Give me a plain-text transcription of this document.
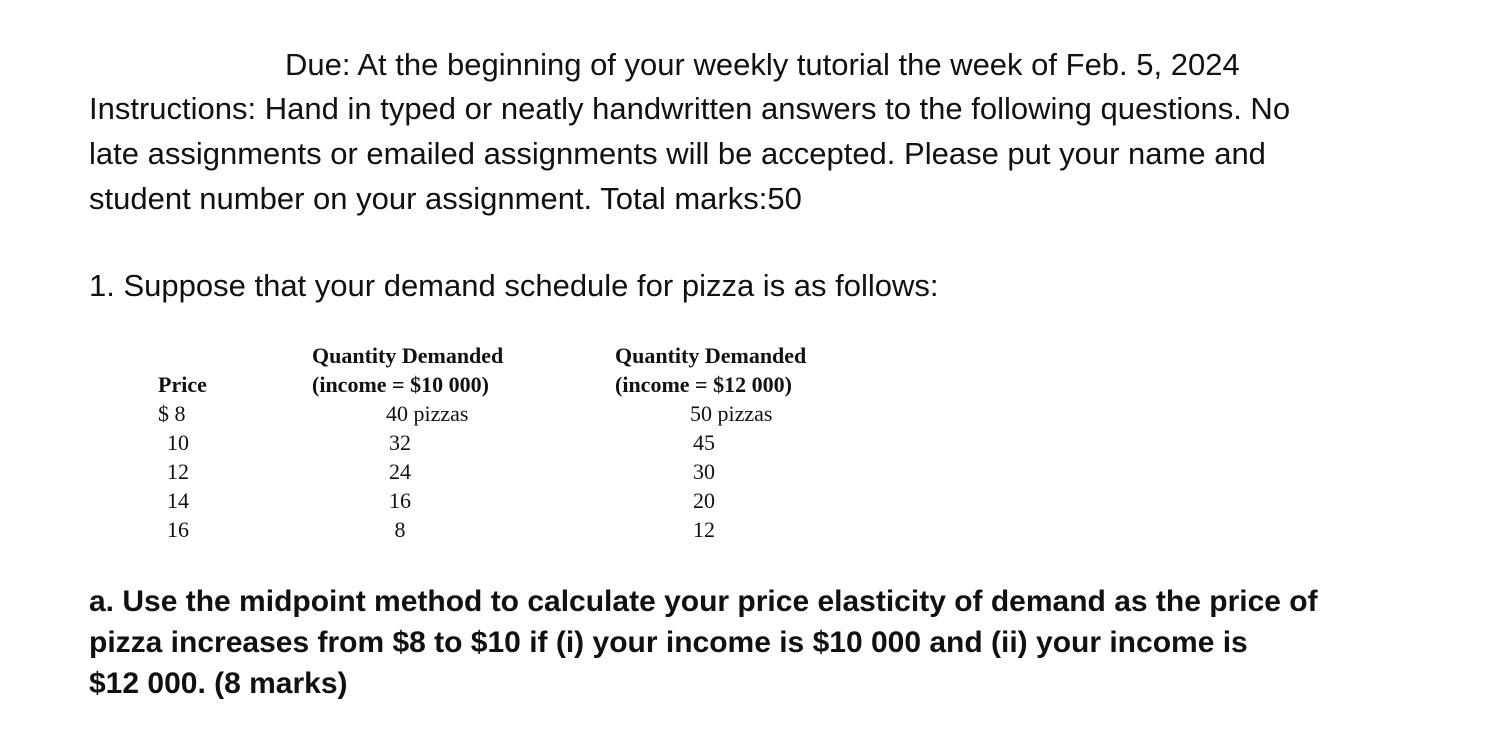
Due: At the beginning of your weekly tutorial the week of Feb. 5, 2024
Instructions: Hand in typed or neatly handwritten answers to the following questions. No
late assignments or emailed assignments will be accepted. Please put your name and
student number on your assignment. Total marks:50
1. Suppose that your demand schedule for pizza is as follows:
Price
Quantity Demanded
(income = $10 000)
Quantity Demanded
(income = $12 000)
$ 8
10
12
14
16
40 pizzas
32
24
16
8
50 pizzas
45
30
20
12
a. Use the midpoint method to calculate your price elasticity of demand as the price of
pizza increases from $8 to $10 if (i) your income is $10 000 and (ii) your income is
$12 000. (8 marks)
